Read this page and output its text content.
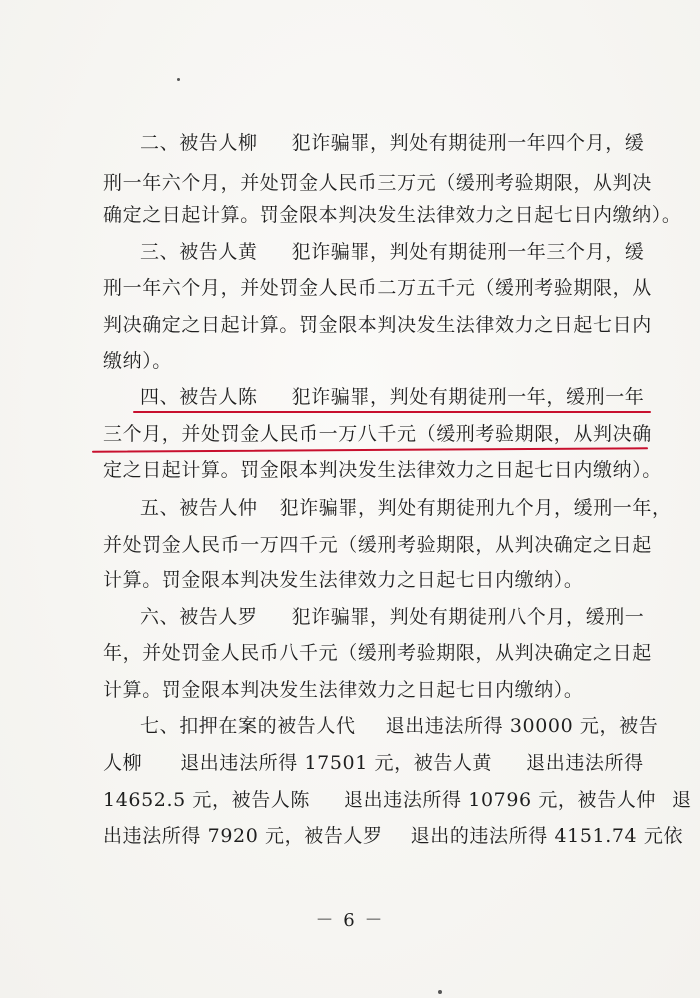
二、被告人柳 犯诈骗罪，判处有期徒刑一年四个月，缓
刑一年六个月，并处罚金人民币三万元（缓刑考验期限，从判决
确定之日起计算。罚金限本判决发生法律效力之日起七日内缴纳）。
三、被告人黄 犯诈骗罪，判处有期徒刑一年三个月，缓
刑一年六个月，并处罚金人民币二万五千元（缓刑考验期限，从
判决确定之日起计算。罚金限本判决发生法律效力之日起七日内
缴纳）。
四、被告人陈 犯诈骗罪，判处有期徒刑一年，缓刑一年
三个月，并处罚金人民币一万八千元（缓刑考验期限，从判决确
定之日起计算。罚金限本判决发生法律效力之日起七日内缴纳）。
五、被告人仲 犯诈骗罪，判处有期徒刑九个月，缓刑一年，
并处罚金人民币一万四千元（缓刑考验期限，从判决确定之日起
计算。罚金限本判决发生法律效力之日起七日内缴纳）。
六、被告人罗 犯诈骗罪，判处有期徒刑八个月，缓刑一
年，并处罚金人民币八千元（缓刑考验期限，从判决确定之日起
计算。罚金限本判决发生法律效力之日起七日内缴纳）。
七、扣押在案的被告人代 退出违法所得 30000 元，被告
人柳 退出违法所得 17501 元，被告人黄 退出违法所得
14652.5 元，被告人陈 退出违法所得 10796 元，被告人仲 退
出违法所得 7920 元，被告人罗 退出的违法所得 4151.74 元依
－ 6 －
